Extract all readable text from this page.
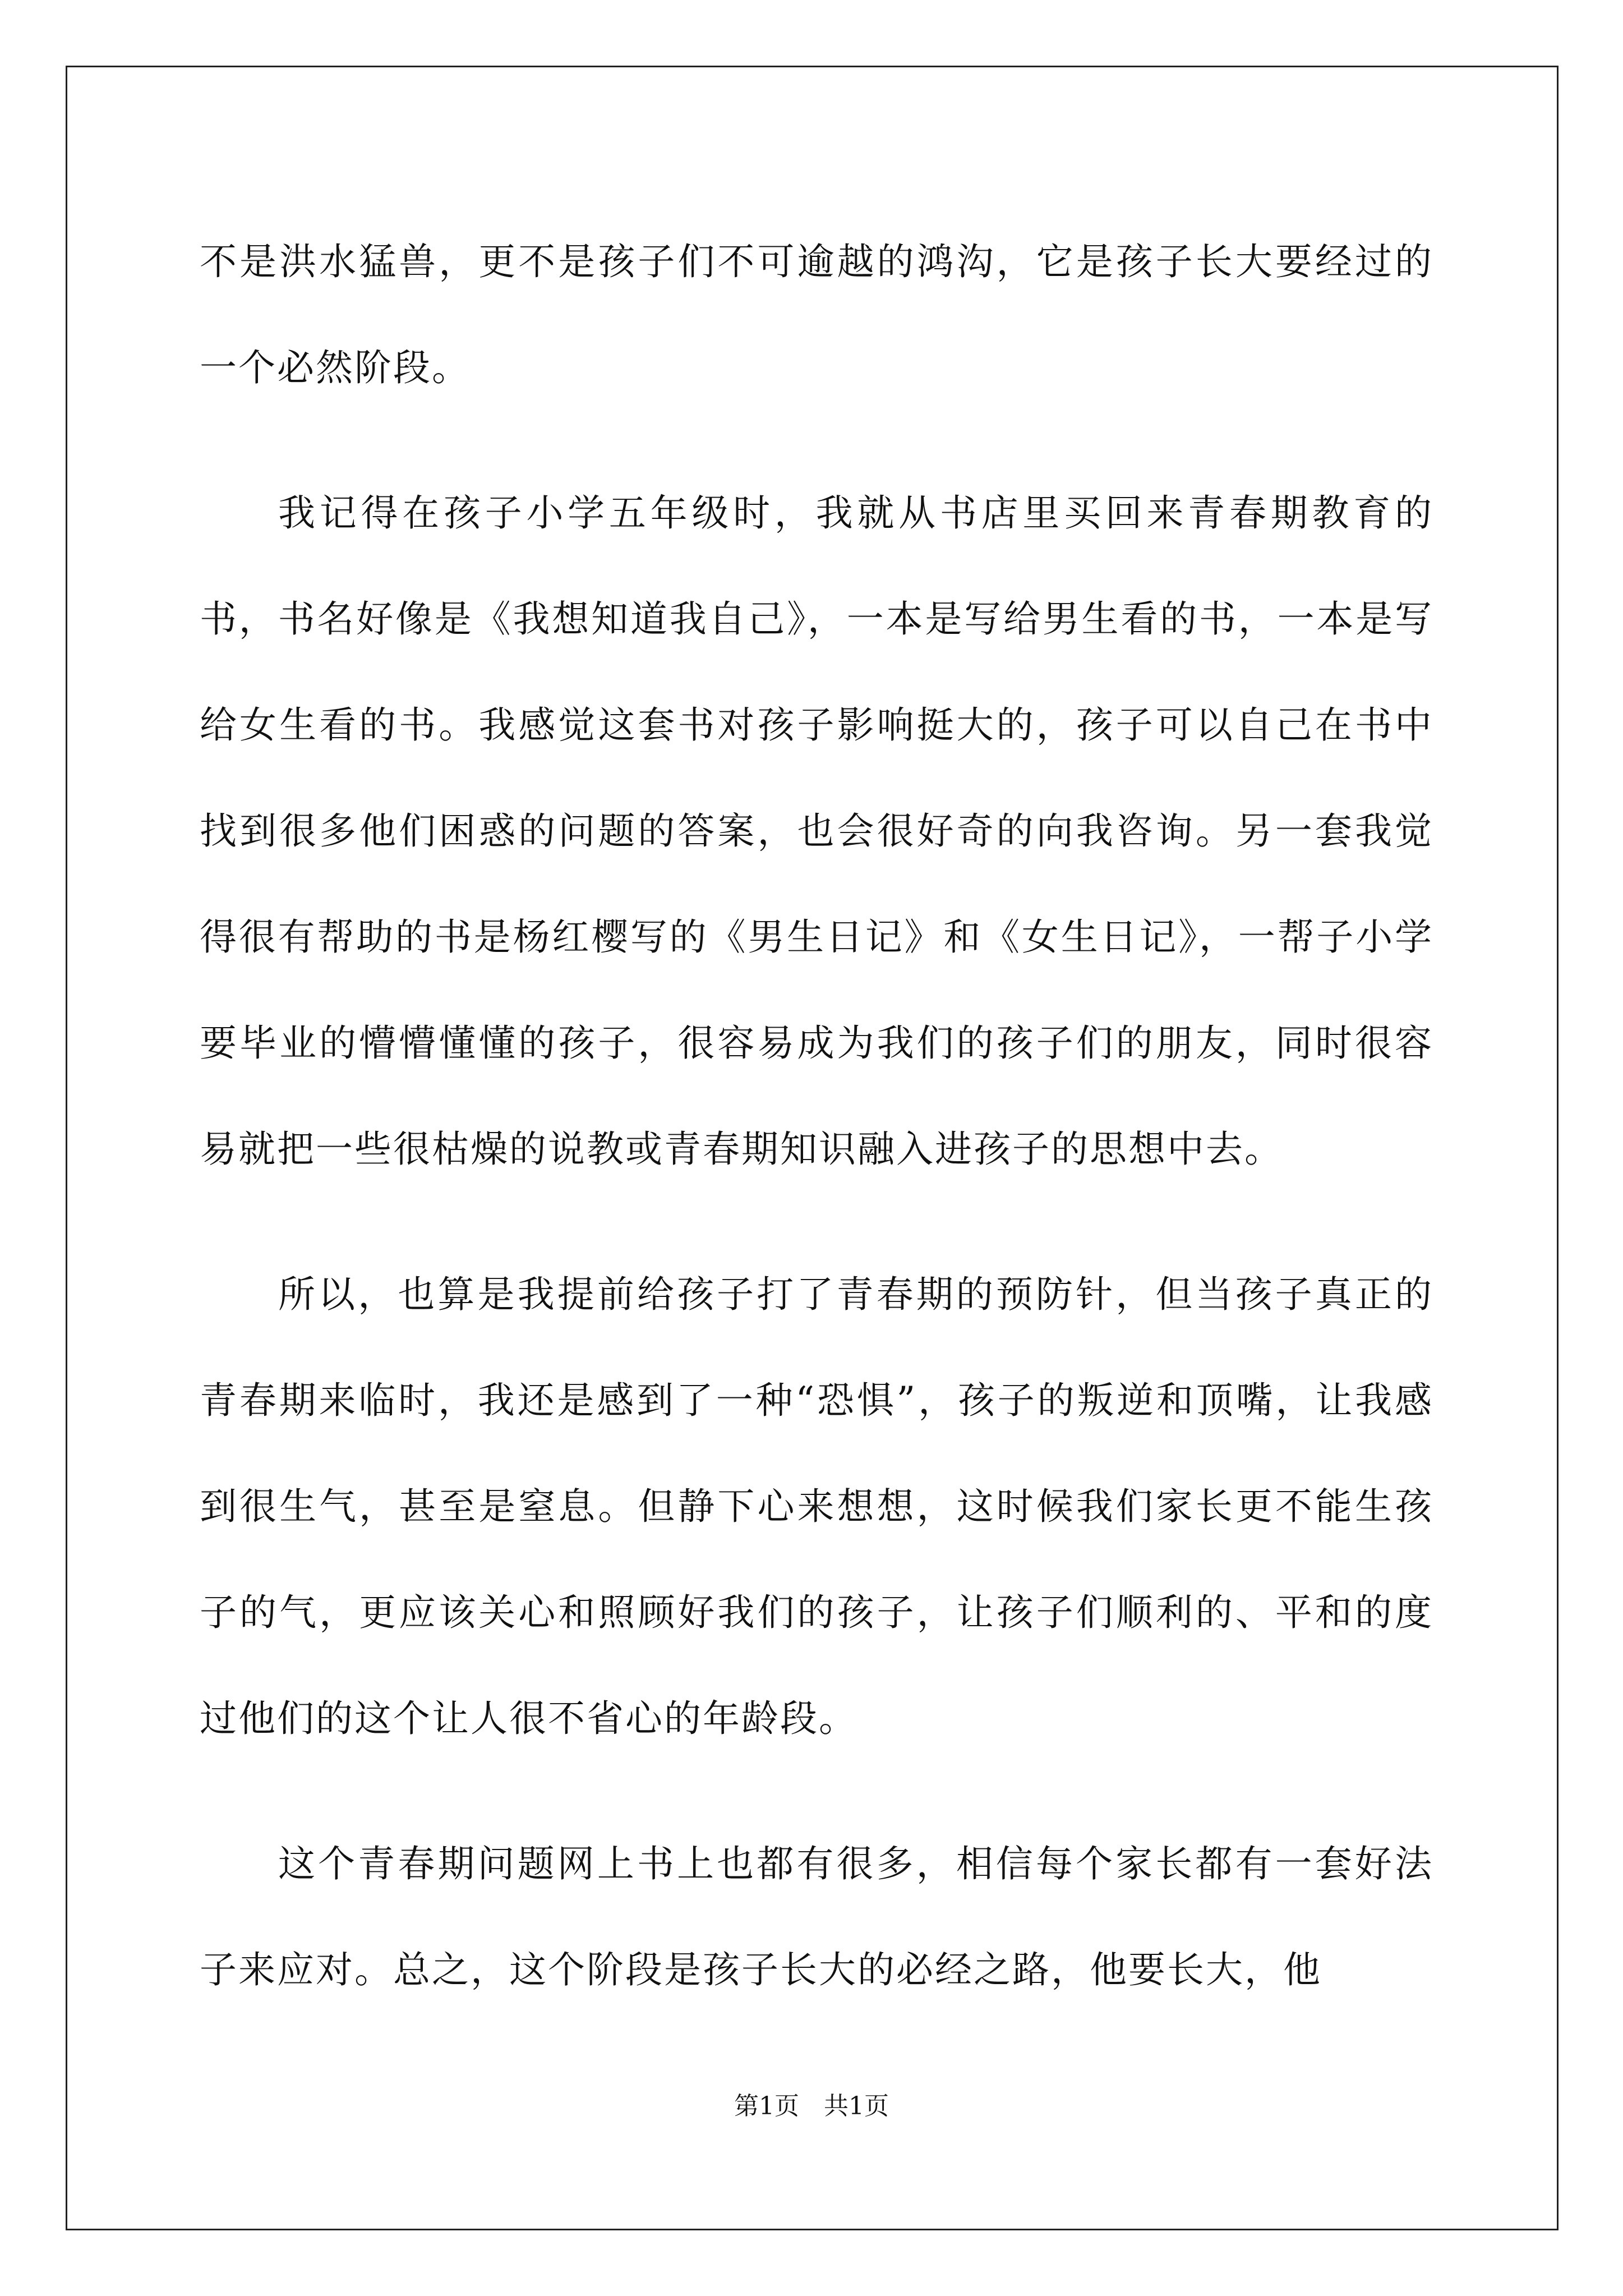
不是洪水猛兽，更不是孩子们不可逾越的鸿沟，它是孩子长大要经过的一个必然阶段。

我记得在孩子小学五年级时，我就从书店里买回来青春期教育的书，书名好像是《我想知道我自己》，一本是写给男生看的书，一本是写给女生看的书。我感觉这套书对孩子影响挺大的，孩子可以自己在书中找到很多他们困惑的问题的答案，也会很好奇的向我咨询。另一套我觉得很有帮助的书是杨红樱写的《男生日记》和《女生日记》，一帮子小学要毕业的懵懵懂懂的孩子，很容易成为我们的孩子们的朋友，同时很容易就把一些很枯燥的说教或青春期知识融入进孩子的思想中去。

所以，也算是我提前给孩子打了青春期的预防针，但当孩子真正的青春期来临时，我还是感到了一种“恐惧”，孩子的叛逆和顶嘴，让我感到很生气，甚至是窒息。但静下心来想想，这时候我们家长更不能生孩子的气，更应该关心和照顾好我们的孩子，让孩子们顺利的、平和的度过他们的这个让人很不省心的年龄段。

这个青春期问题网上书上也都有很多，相信每个家长都有一套好法子来应对。总之，这个阶段是孩子长大的必经之路，他要长大，他

第1页　共1页
